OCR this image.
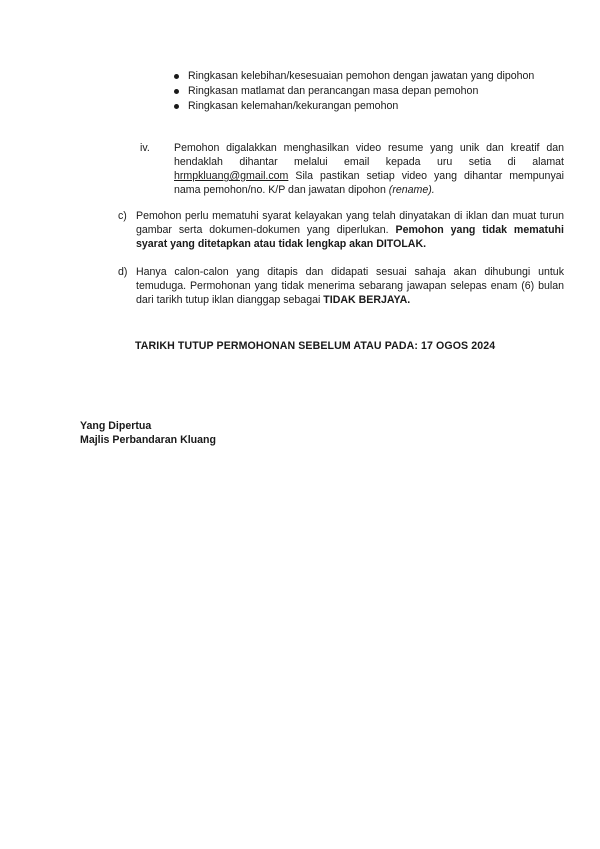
Ringkasan kelebihan/kesesuaian pemohon dengan jawatan yang dipohon
Ringkasan matlamat dan perancangan masa depan pemohon
Ringkasan kelemahan/kekurangan pemohon
iv. Pemohon digalakkan menghasilkan video resume yang unik dan kreatif dan hendaklah dihantar melalui email kepada uru setia di alamat hrmpkluang@gmail.com Sila pastikan setiap video yang dihantar mempunyai nama pemohon/no. K/P dan jawatan dipohon (rename).
c) Pemohon perlu mematuhi syarat kelayakan yang telah dinyatakan di iklan dan muat turun gambar serta dokumen-dokumen yang diperlukan. Pemohon yang tidak mematuhi syarat yang ditetapkan atau tidak lengkap akan DITOLAK.
d) Hanya calon-calon yang ditapis dan didapati sesuai sahaja akan dihubungi untuk temuduga. Permohonan yang tidak menerima sebarang jawapan selepas enam (6) bulan dari tarikh tutup iklan dianggap sebagai TIDAK BERJAYA.
TARIKH TUTUP PERMOHONAN SEBELUM ATAU PADA: 17 OGOS 2024
Yang Dipertua
Majlis Perbandaran Kluang
